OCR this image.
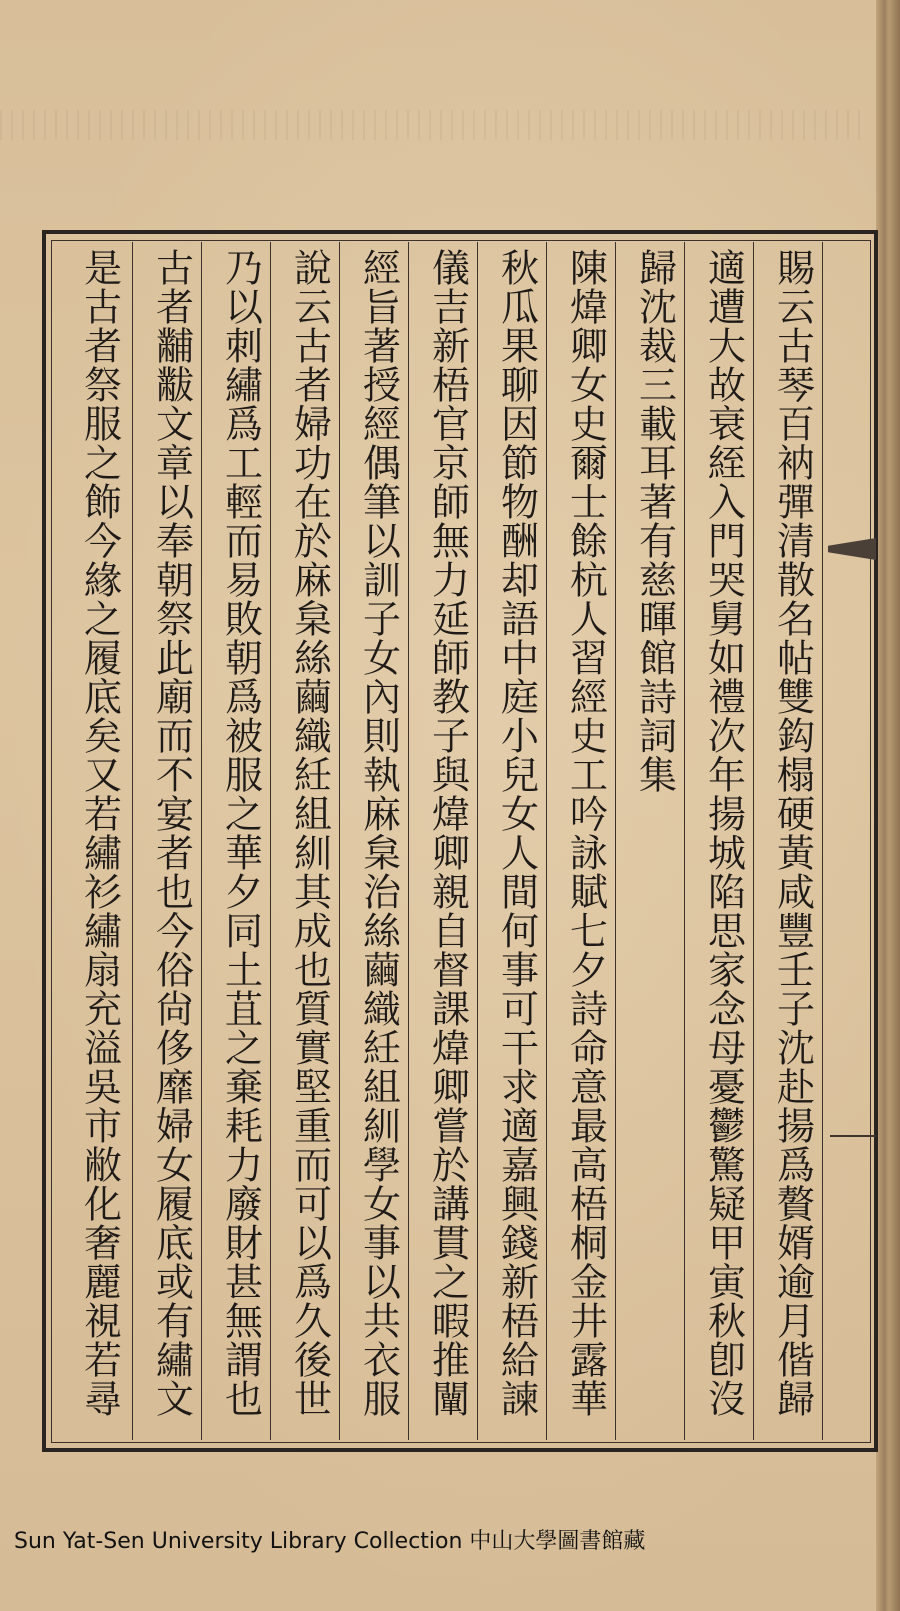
賜云古琴百衲彈清散名帖雙鈎榻硬黃咸豐壬子沈赴揚爲贅婿逾月偕歸
適遭大故衰絰入門哭舅如禮次年揚城陷思家念母憂鬱驚疑甲寅秋卽沒
歸沈裁三載耳著有慈暉館詩詞集
陳煒卿女史爾士餘杭人習經史工吟詠賦七夕詩命意最高梧桐金井露華
秋瓜果聊因節物酬却語中庭小兒女人間何事可干求適嘉興錢新梧給諫
儀吉新梧官京師無力延師教子與煒卿親自督課煒卿嘗於講貫之暇推闡
經旨著授經偶筆以訓子女內則執麻枲治絲繭織紝組紃學女事以共衣服
說云古者婦功在於麻枲絲繭織紝組紃其成也質實堅重而可以爲久後世
乃以刺繡爲工輕而易敗朝爲被服之華夕同土苴之棄耗力廢財甚無謂也
古者黼黻文章以奉朝祭此廟而不宴者也今俗尙侈靡婦女履底或有繡文
是古者祭服之飾今緣之履底矣又若繡衫繡扇充溢吳市敝化奢麗視若尋
Sun Yat-Sen University Library Collection 中山大學圖書館藏
